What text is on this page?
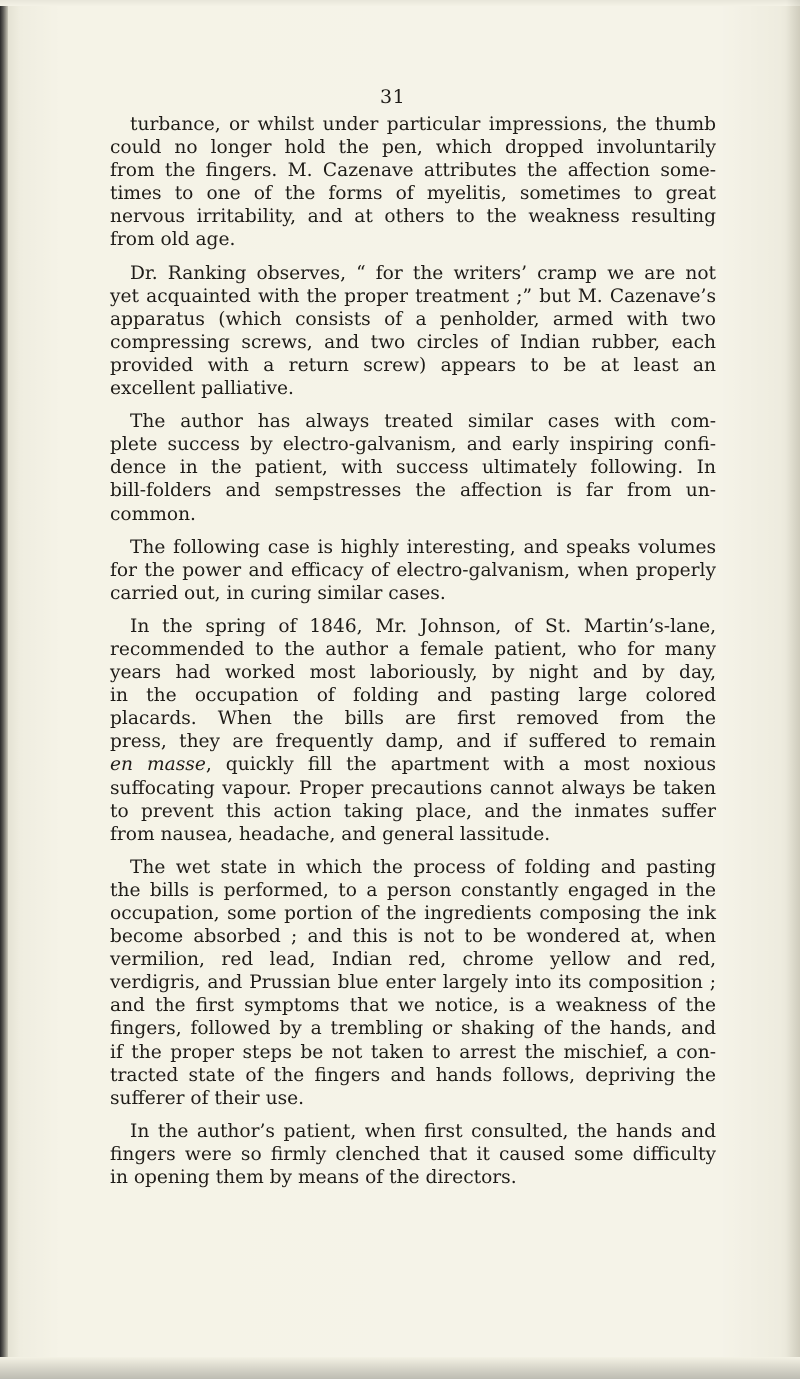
31
turbance, or whilst under particular impressions, the thumb
could no longer hold the pen, which dropped involuntarily
from the fingers. M. Cazenave attributes the affection some-
times to one of the forms of myelitis, sometimes to great
nervous irritability, and at others to the weakness resulting
from old age.
Dr. Ranking observes, “ for the writers’ cramp we are not
yet acquainted with the proper treatment ;” but M. Cazenave’s
apparatus (which consists of a penholder, armed with two
compressing screws, and two circles of Indian rubber, each
provided with a return screw) appears to be at least an
excellent palliative.
The author has always treated similar cases with com-
plete success by electro-galvanism, and early inspiring confi-
dence in the patient, with success ultimately following. In
bill-folders and sempstresses the affection is far from un-
common.
The following case is highly interesting, and speaks volumes
for the power and efficacy of electro-galvanism, when properly
carried out, in curing similar cases.
In the spring of 1846, Mr. Johnson, of St. Martin’s-lane,
recommended to the author a female patient, who for many
years had worked most laboriously, by night and by day,
in the occupation of folding and pasting large colored
placards. When the bills are first removed from the
press, they are frequently damp, and if suffered to remain
en masse, quickly fill the apartment with a most noxious
suffocating vapour. Proper precautions cannot always be taken
to prevent this action taking place, and the inmates suffer
from nausea, headache, and general lassitude.
The wet state in which the process of folding and pasting
the bills is performed, to a person constantly engaged in the
occupation, some portion of the ingredients composing the ink
become absorbed ; and this is not to be wondered at, when
vermilion, red lead, Indian red, chrome yellow and red,
verdigris, and Prussian blue enter largely into its composition ;
and the first symptoms that we notice, is a weakness of the
fingers, followed by a trembling or shaking of the hands, and
if the proper steps be not taken to arrest the mischief, a con-
tracted state of the fingers and hands follows, depriving the
sufferer of their use.
In the author’s patient, when first consulted, the hands and
fingers were so firmly clenched that it caused some difficulty
in opening them by means of the directors.
